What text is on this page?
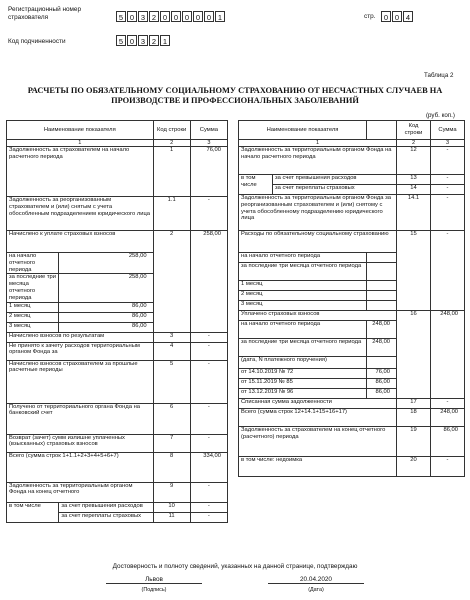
Регистрационный номер страхователя	5 0 3 2 0 0 0 0 0 1	стр.	0 0 4
Код подчиненности	5 0 3 2 1
Таблица 2
РАСЧЕТЫ ПО ОБЯЗАТЕЛЬНОМУ СОЦИАЛЬНОМУ СТРАХОВАНИЮ ОТ НЕСЧАСТНЫХ СЛУЧАЕВ НА
ПРОИЗВОДСТВЕ И ПРОФЕССИОНАЛЬНЫХ ЗАБОЛЕВАНИЙ
(руб. коп.)
Наименование показателя		Код строки	Сумма
1		2	3
Задолженность за страхователем на начало расчетного периода		1	76,00
Задолженность за реорганизованным страхователем и (или) снятым с учета обособленным подразделением юридического лица		1.1	-
Начислено к уплате страховых взносов		2	258,00
на начало отчетного периода	258,00		
за последние три месяца отчетного периода	258,00		
1 месяц	86,00		
2 месяц	86,00		
3 месяц	86,00		
Начислено взносов по результатам		3	-
Не принято к зачету расходов территориальным органом Фонда за		4	-
Начислено взносов страхователем за прошлые расчетные периоды		5	-
Получено от территориального органа Фонда на банковский счет		6	-
Возврат (зачет) сумм излишне уплаченных (взысканных) страховых взносов		7	-
Всего (сумма строк 1+1.1+2+3+4+5+6+7)		8	334,00
Задолженность за территориальным органом Фонда на конец отчетного		9	-
в том числе	за счет превышения расходов	10	-
	за счет переплаты страховых	11	-
Наименование показателя			Код строки	Сумма
1			2	3
Задолженность за территориальным органом Фонда на начало расчетного периода			12	-
в том числе	за счет превышения расходов		13	-
	за счет переплаты страховых		14	-
Задолженность за территориальным органом Фонда за реорганизованным страхователем и (или) снятому с учета обособленному подразделению юридического лица			14.1	-
Расходы по обязательному социальному страхованию			15	-
на начало отчетного периода				
за последние три месяца отчетного периода				
1 месяц				
2 месяц				
3 месяц				
Уплачено страховых взносов			16	248,00
на начало отчетного периода		248,00		
за последние три месяца отчетного периода		248,00		
(дата, N платежного поручения)				
от 14.10.2019 № 72		76,00		
от 15.11.2019 № 85		86,00		
от 13.12.2019 № 96		86,00		
Списанная сумма задолженности			17	-
Всего (сумма строк 12+14.1+15+16+17)			18	248,00
Задолженность за страхователем на конец отчетного (расчетного) периода			19	86,00
в том числе: недоимка			20	-
Достоверность и полноту сведений, указанных на данной странице, подтверждаю
Львов
(Подпись)
20.04.2020
(Дата)
